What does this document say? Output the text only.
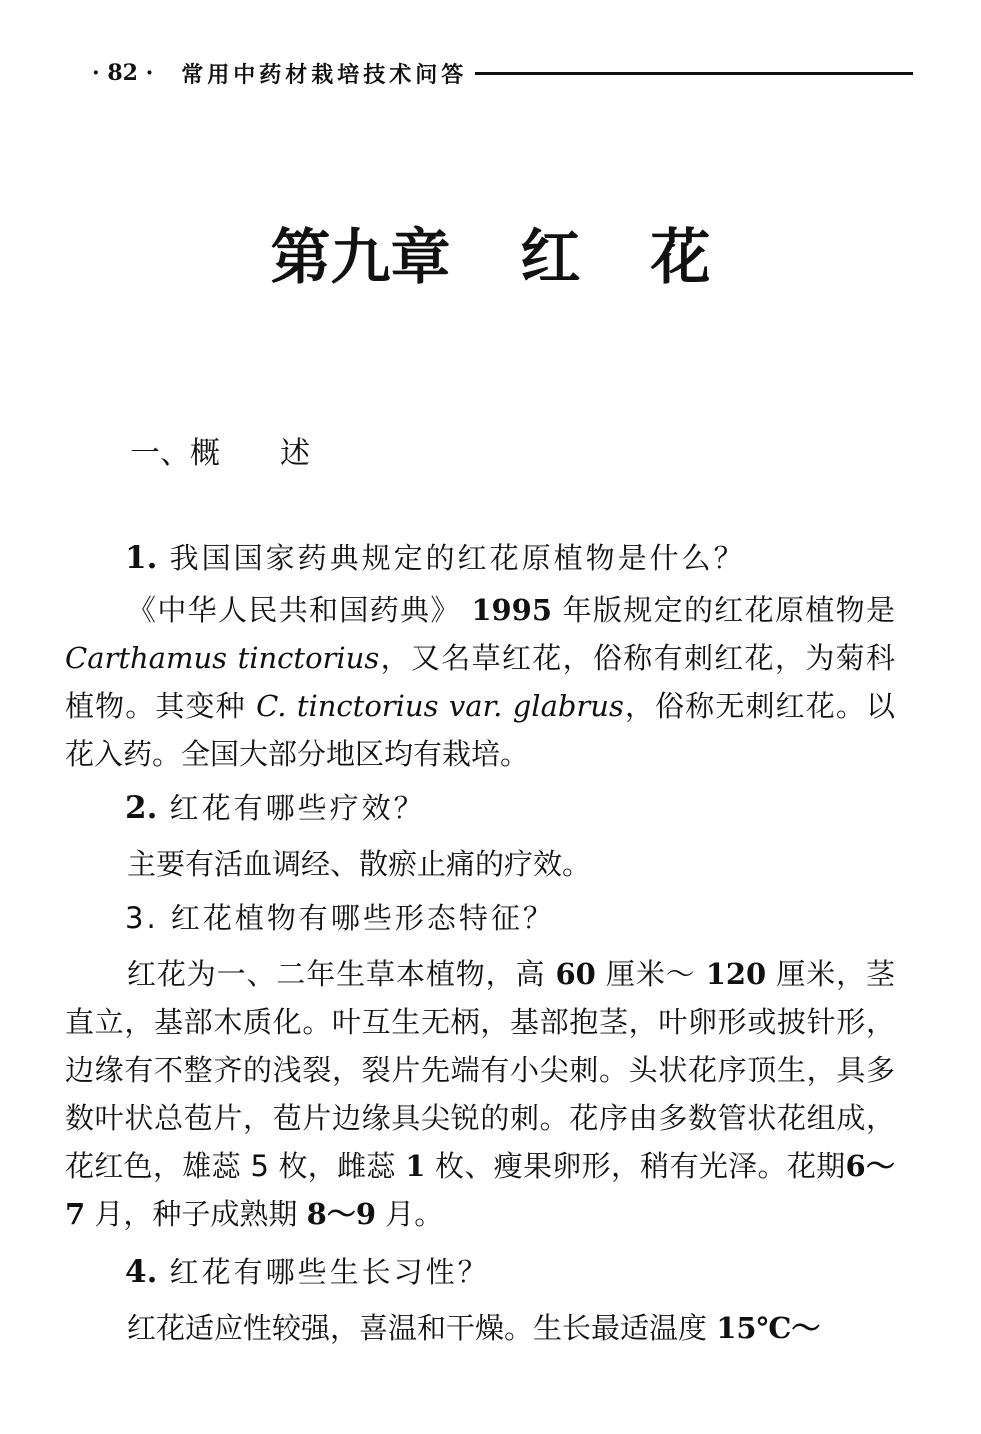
· 82 · 常用中药材栽培技术问答
第九章 红 花
一、概　　述
1. 我国国家药典规定的红花原植物是什么？

《中华人民共和国药典》 1995 年版规定的红花原植物是Carthamus tinctorius，又名草红花，俗称有刺红花，为菊科植物。其变种 C. tinctorius var. glabrus，俗称无刺红花。以花入药。全国大部分地区均有栽培。

2. 红花有哪些疗效？
主要有活血调经、散瘀止痛的疗效。
3. 红花植物有哪些形态特征？

红花为一、二年生草本植物，高 60 厘米～ 120 厘米，茎直立，基部木质化。叶互生无柄，基部抱茎，叶卵形或披针形，边缘有不整齐的浅裂，裂片先端有小尖刺。头状花序顶生，具多数叶状总苞片，苞片边缘具尖锐的刺。花序由多数管状花组成，花红色，雄蕊 5 枚，雌蕊 1 枚、瘦果卵形，稍有光泽。花期6～7 月，种子成熟期 8～9 月。

4. 红花有哪些生长习性？
红花适应性较强，喜温和干燥。生长最适温度 15℃～
